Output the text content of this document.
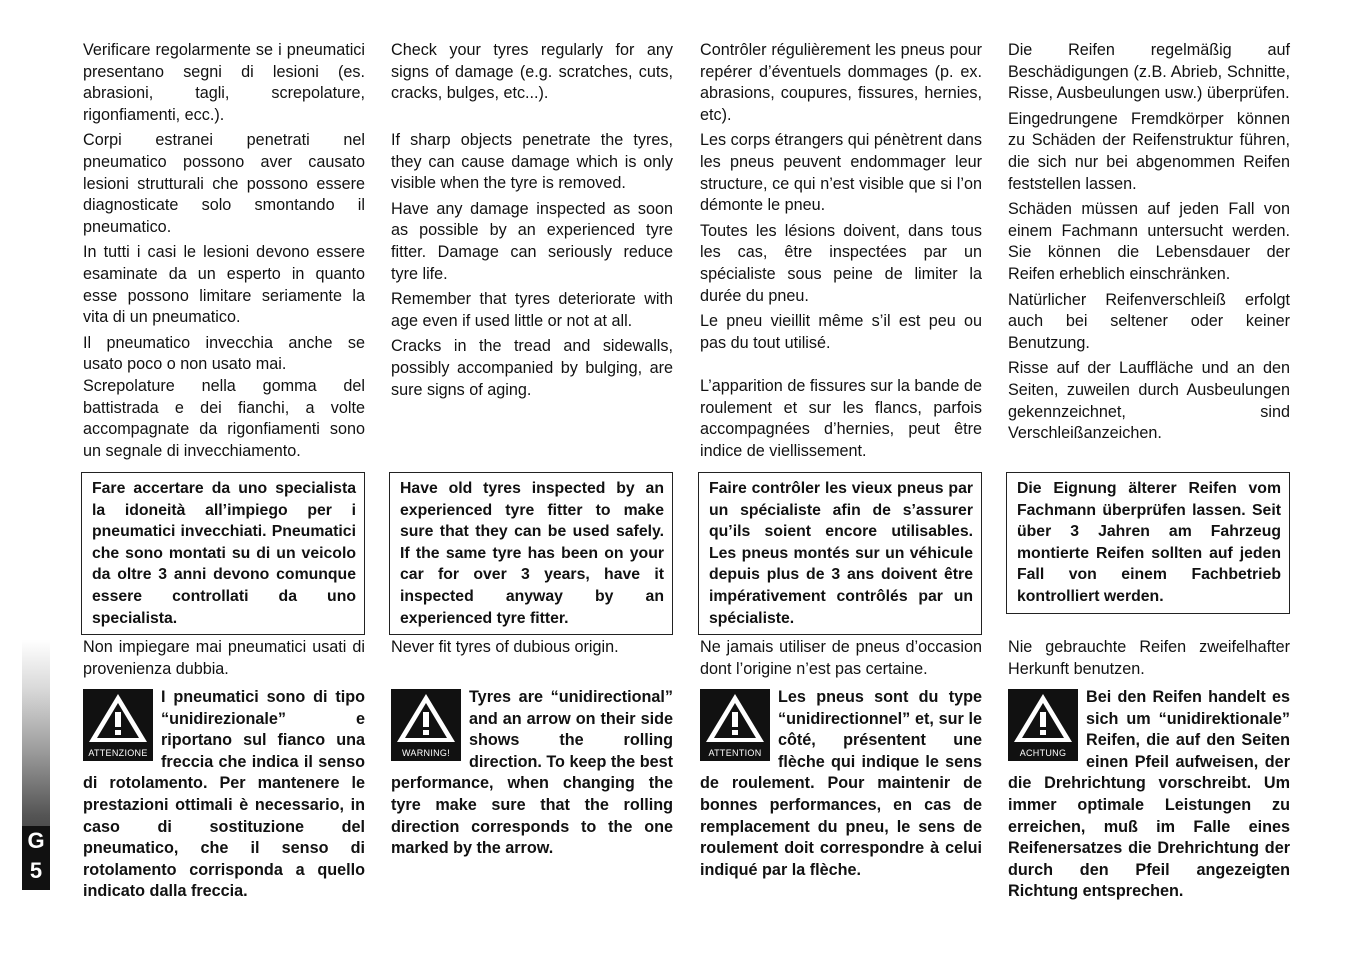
Verificare regolarmente se i pneumatici presentano segni di lesioni (es. abrasioni, tagli, screpolature, rigonfiamenti, ecc.).

Corpi estranei penetrati nel pneumatico possono aver causato lesioni strutturali che possono essere diagnosticate solo smontando il pneumatico.

In tutti i casi le lesioni devono essere esaminate da un esperto in quanto esse possono limitare seriamente la vita di un pneumatico.

Il pneumatico invecchia anche se usato poco o non usato mai.

Screpolature nella gomma del battistrada e dei fianchi, a volte accompagnate da rigonfiamenti sono un segnale di invecchiamento.

Fare accertare da uno specialista la idoneità all’impiego per i pneumatici invecchiati. Pneumatici che sono montati su di un veicolo da oltre 3 anni devono comunque essere controllati da uno specialista.

Non impiegare mai pneumatici usati di provenienza dubbia.

ATTENZIONE
I pneumatici sono di tipo “unidirezionale” e riportano sul fianco una freccia che indica il senso di rotolamento. Per mantenere le prestazioni ottimali è necessario, in caso di sostituzione del pneumatico, che il senso di rotolamento corrisponda a quello indicato dalla freccia.

Check your tyres regularly for any signs of damage (e.g. scratches, cuts, cracks, bulges, etc...).

If sharp objects penetrate the tyres, they can cause damage which is only visible when the tyre is removed.

Have any damage inspected as soon as possible by an experienced tyre fitter. Damage can seriously reduce tyre life.

Remember that tyres deteriorate with age even if used little or not at all.

Cracks in the tread and sidewalls, possibly accompanied by bulging, are sure signs of aging.

Have old tyres inspected by an experienced tyre fitter to make sure that they can be used safely. If the same tyre has been on your car for over 3 years, have it inspected anyway by an experienced tyre fitter.

Never fit tyres of dubious origin.

WARNING!
Tyres are “unidirectional” and an arrow on their side shows the rolling direction. To keep the best performance, when changing the tyre make sure that the rolling direction corresponds to the one marked by the arrow.

Contrôler régulièrement les pneus pour repérer d’éventuels dommages (p. ex. abrasions, coupures, fissures, hernies, etc).

Les corps étrangers qui pénètrent dans les pneus peuvent endommager leur structure, ce qui n’est visible que si l’on démonte le pneu.

Toutes les lésions doivent, dans tous les cas, être inspectées par un spécialiste sous peine de limiter la durée du pneu.

Le pneu vieillit même s’il est peu ou pas du tout utilisé.

L’apparition de fissures sur la bande de roulement et sur les flancs, parfois accompagnées d’hernies, peut être indice de viellissement.

Faire contrôler les vieux pneus par un spécialiste afin de s’assurer qu’ils soient encore utilisables. Les pneus montés sur un véhicule depuis plus de 3 ans doivent être impérativement contrôlés par un spécialiste.

Ne jamais utiliser de pneus d’occasion dont l’origine n’est pas certaine.

ATTENTION
Les pneus sont du type “unidirectionnel” et, sur le côté, présentent une flèche qui indique le sens de roulement. Pour maintenir de bonnes performances, en cas de remplacement du pneu, le sens de roulement doit correspondre à celui indiqué par la flèche.

Die Reifen regelmäßig auf Beschädigungen (z.B. Abrieb, Schnitte, Risse, Ausbeulungen usw.) überprüfen.

Eingedrungene Fremdkörper können zu Schäden der Reifenstruktur führen, die sich nur bei abgenommen Reifen feststellen lassen.

Schäden müssen auf jeden Fall von einem Fachmann untersucht werden. Sie können die Lebensdauer der Reifen erheblich einschränken.

Natürlicher Reifenverschleiß erfolgt auch bei seltener oder keiner Benutzung.

Risse auf der Lauffläche und an den Seiten, zuweilen durch Ausbeulungen gekennzeichnet, sind Verschleißanzeichen.

Die Eignung älterer Reifen vom Fachmann überprüfen lassen. Seit über 3 Jahren am Fahrzeug montierte Reifen sollten auf jeden Fall von einem Fachbetrieb kontrolliert werden.

Nie gebrauchte Reifen zweifelhafter Herkunft benutzen.

ACHTUNG
Bei den Reifen handelt es sich um “unidirektionale” Reifen, die auf den Seiten einen Pfeil aufweisen, der die Drehrichtung vorschreibt. Um immer optimale Leistungen zu erreichen, muß im Falle eines Reifenersatzes die Drehrichtung der durch den Pfeil angezeigten Richtung entsprechen.
G
5
